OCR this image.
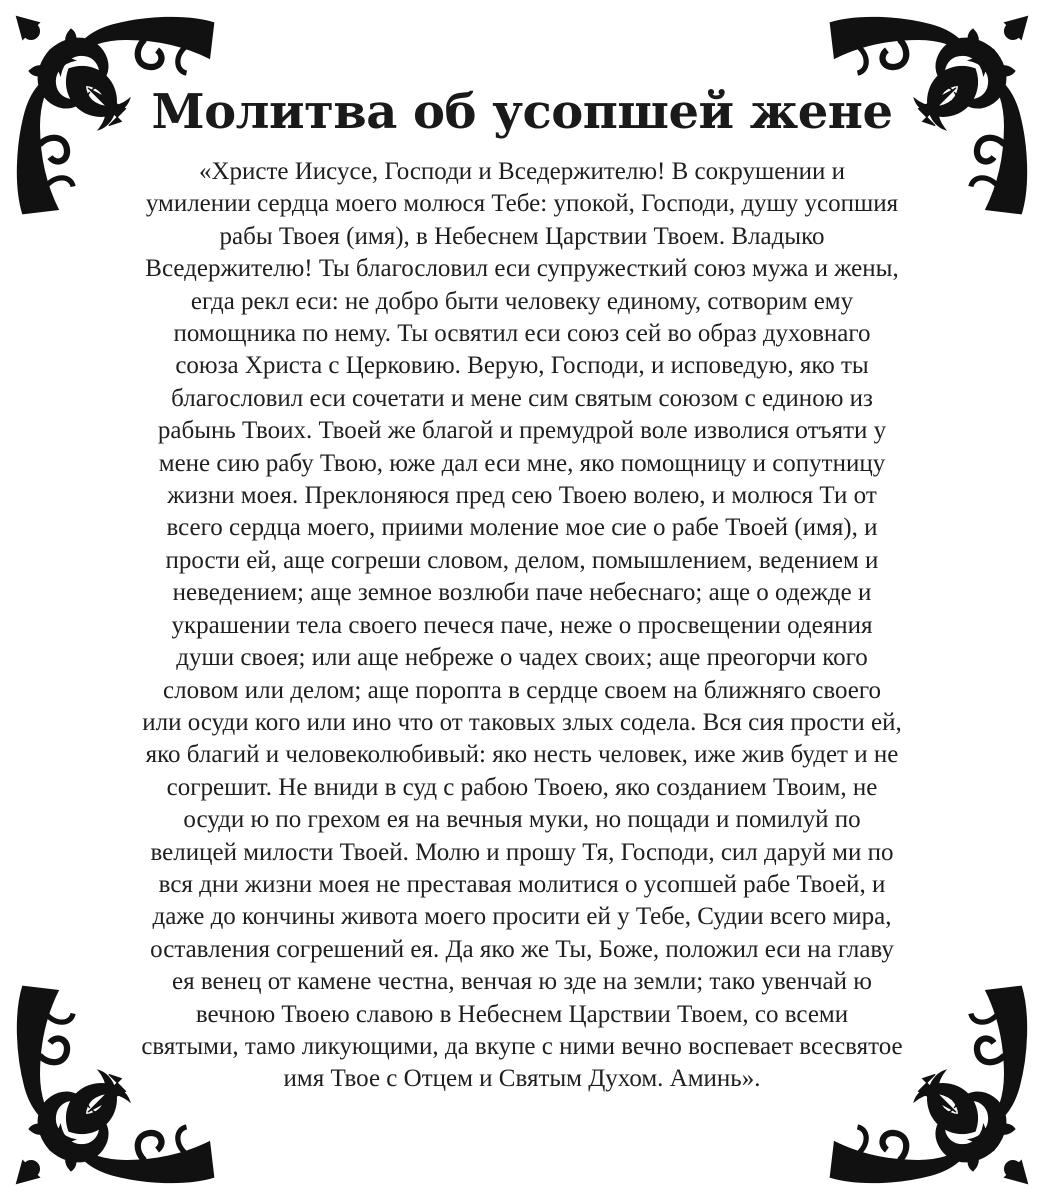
Молитва об усопшей жене

«Христе Иисусе, Господи и Вседержителю! В сокрушении и
умилении сердца моего молюся Тебе: упокой, Господи, душу усопшия
рабы Твоея (имя), в Небеснем Царствии Твоем. Владыко
Вседержителю! Ты благословил еси супружесткий союз мужа и жены,
егда рекл еси: не добро быти человеку единому, сотворим ему
помощника по нему. Ты освятил еси союз сей во образ духовнаго
союза Христа с Церковию. Верую, Господи, и исповедую, яко ты
благословил еси сочетати и мене сим святым союзом с единою из
рабынь Твоих. Твоей же благой и премудрой воле изволися отъяти у
мене сию рабу Твою, юже дал еси мне, яко помощницу и сопутницу
жизни моея. Преклоняюся пред сею Твоею волею, и молюся Ти от
всего сердца моего, приими моление мое сие о рабе Твоей (имя), и
прости ей, аще согреши словом, делом, помышлением, ведением и
неведением; аще земное возлюби паче небеснаго; аще о одежде и
украшении тела своего печеся паче, неже о просвещении одеяния
души своея; или аще небреже о чадех своих; аще преогорчи кого
словом или делом; аще поропта в сердце своем на ближняго своего
или осуди кого или ино что от таковых злых содела. Вся сия прости ей,
яко благий и человеколюбивый: яко несть человек, иже жив будет и не
согрешит. Не вниди в суд с рабою Твоею, яко созданием Твоим, не
осуди ю по грехом ея на вечныя муки, но пощади и помилуй по
велицей милости Твоей. Молю и прошу Тя, Господи, сил даруй ми по
вся дни жизни моея не преставая молитися о усопшей рабе Твоей, и
даже до кончины живота моего просити ей у Тебе, Судии всего мира,
оставления согрешений ея. Да яко же Ты, Боже, положил еси на главу
ея венец от камене честна, венчая ю зде на земли; тако увенчай ю
вечною Твоею славою в Небеснем Царствии Твоем, со всеми
святыми, тамо ликующими, да вкупе с ними вечно воспевает всесвятое
имя Твое с Отцем и Святым Духом. Аминь».
